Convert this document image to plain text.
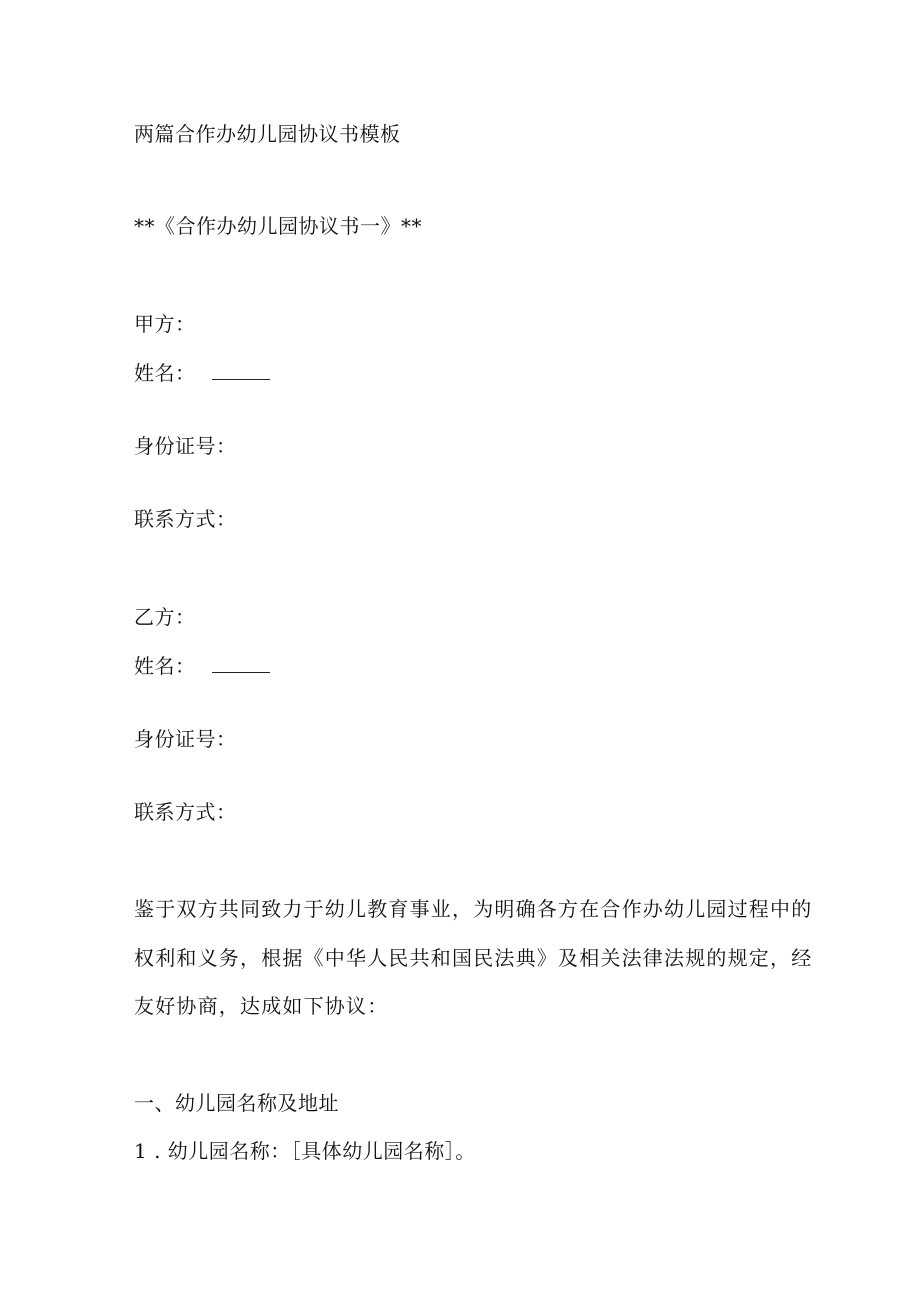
两篇合作办幼儿园协议书模板
**《合作办幼儿园协议书一》**
甲方：
姓名：
身份证号：
联系方式：
乙方：
姓名：
身份证号：
联系方式：
鉴于双方共同致力于幼儿教育事业，为明确各方在合作办幼儿园过程中的
权利和义务，根据《中华人民共和国民法典》及相关法律法规的规定，经
友好协商，达成如下协议：
一、幼儿园名称及地址
1 . 幼儿园名称：［具体幼儿园名称］。
